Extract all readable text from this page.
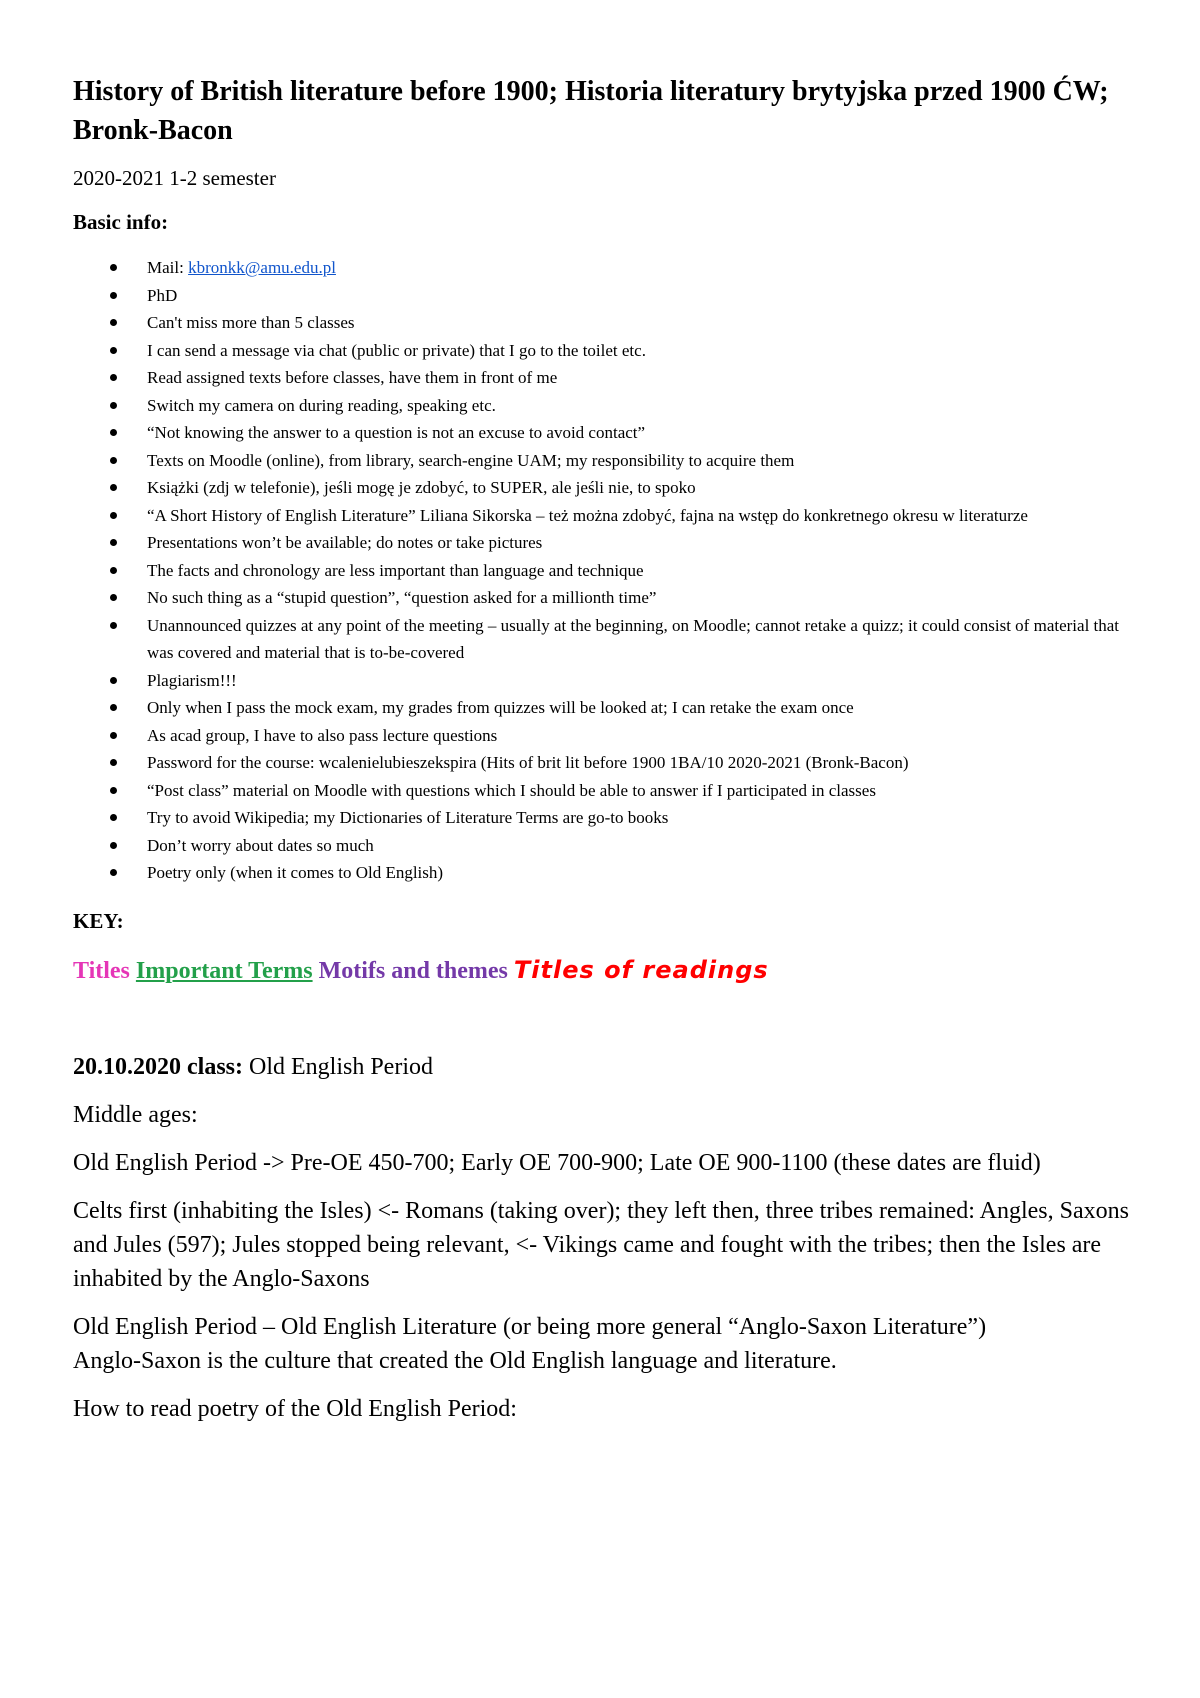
History of British literature before 1900; Historia literatury brytyjska przed 1900 ĆW; Bronk-Bacon

2020-2021 1-2 semester

Basic info:

Mail: kbronkk@amu.edu.pl
PhD
Can't miss more than 5 classes
I can send a message via chat (public or private) that I go to the toilet etc.
Read assigned texts before classes, have them in front of me
Switch my camera on during reading, speaking etc.
“Not knowing the answer to a question is not an excuse to avoid contact”
Texts on Moodle (online), from library, search-engine UAM; my responsibility to acquire them
Książki (zdj w telefonie), jeśli mogę je zdobyć, to SUPER, ale jeśli nie, to spoko
“A Short History of English Literature” Liliana Sikorska – też można zdobyć, fajna na wstęp do konkretnego okresu w literaturze
Presentations won’t be available; do notes or take pictures
The facts and chronology are less important than language and technique
No such thing as a “stupid question”, “question asked for a millionth time”
Unannounced quizzes at any point of the meeting – usually at the beginning, on Moodle; cannot retake a quizz; it could consist of material that was covered and material that is to-be-covered
Plagiarism!!!
Only when I pass the mock exam, my grades from quizzes will be looked at; I can retake the exam once
As acad group, I have to also pass lecture questions
Password for the course: wcalenielubieszekspira (Hits of brit lit before 1900 1BA/10 2020-2021 (Bronk-Bacon)
“Post class” material on Moodle with questions which I should be able to answer if I participated in classes
Try to avoid Wikipedia; my Dictionaries of Literature Terms are go-to books
Don’t worry about dates so much
Poetry only (when it comes to Old English)

KEY:

Titles Important Terms Motifs and themes Titles of readings

20.10.2020 class: Old English Period

Middle ages:

Old English Period -> Pre-OE 450-700; Early OE 700-900; Late OE 900-1100 (these dates are fluid)

Celts first (inhabiting the Isles) <- Romans (taking over); they left then, three tribes remained: Angles, Saxons and Jules (597); Jules stopped being relevant, <- Vikings came and fought with the tribes; then the Isles are inhabited by the Anglo-Saxons

Old English Period – Old English Literature (or being more general “Anglo-Saxon Literature”)

Anglo-Saxon is the culture that created the Old English language and literature.

How to read poetry of the Old English Period:
